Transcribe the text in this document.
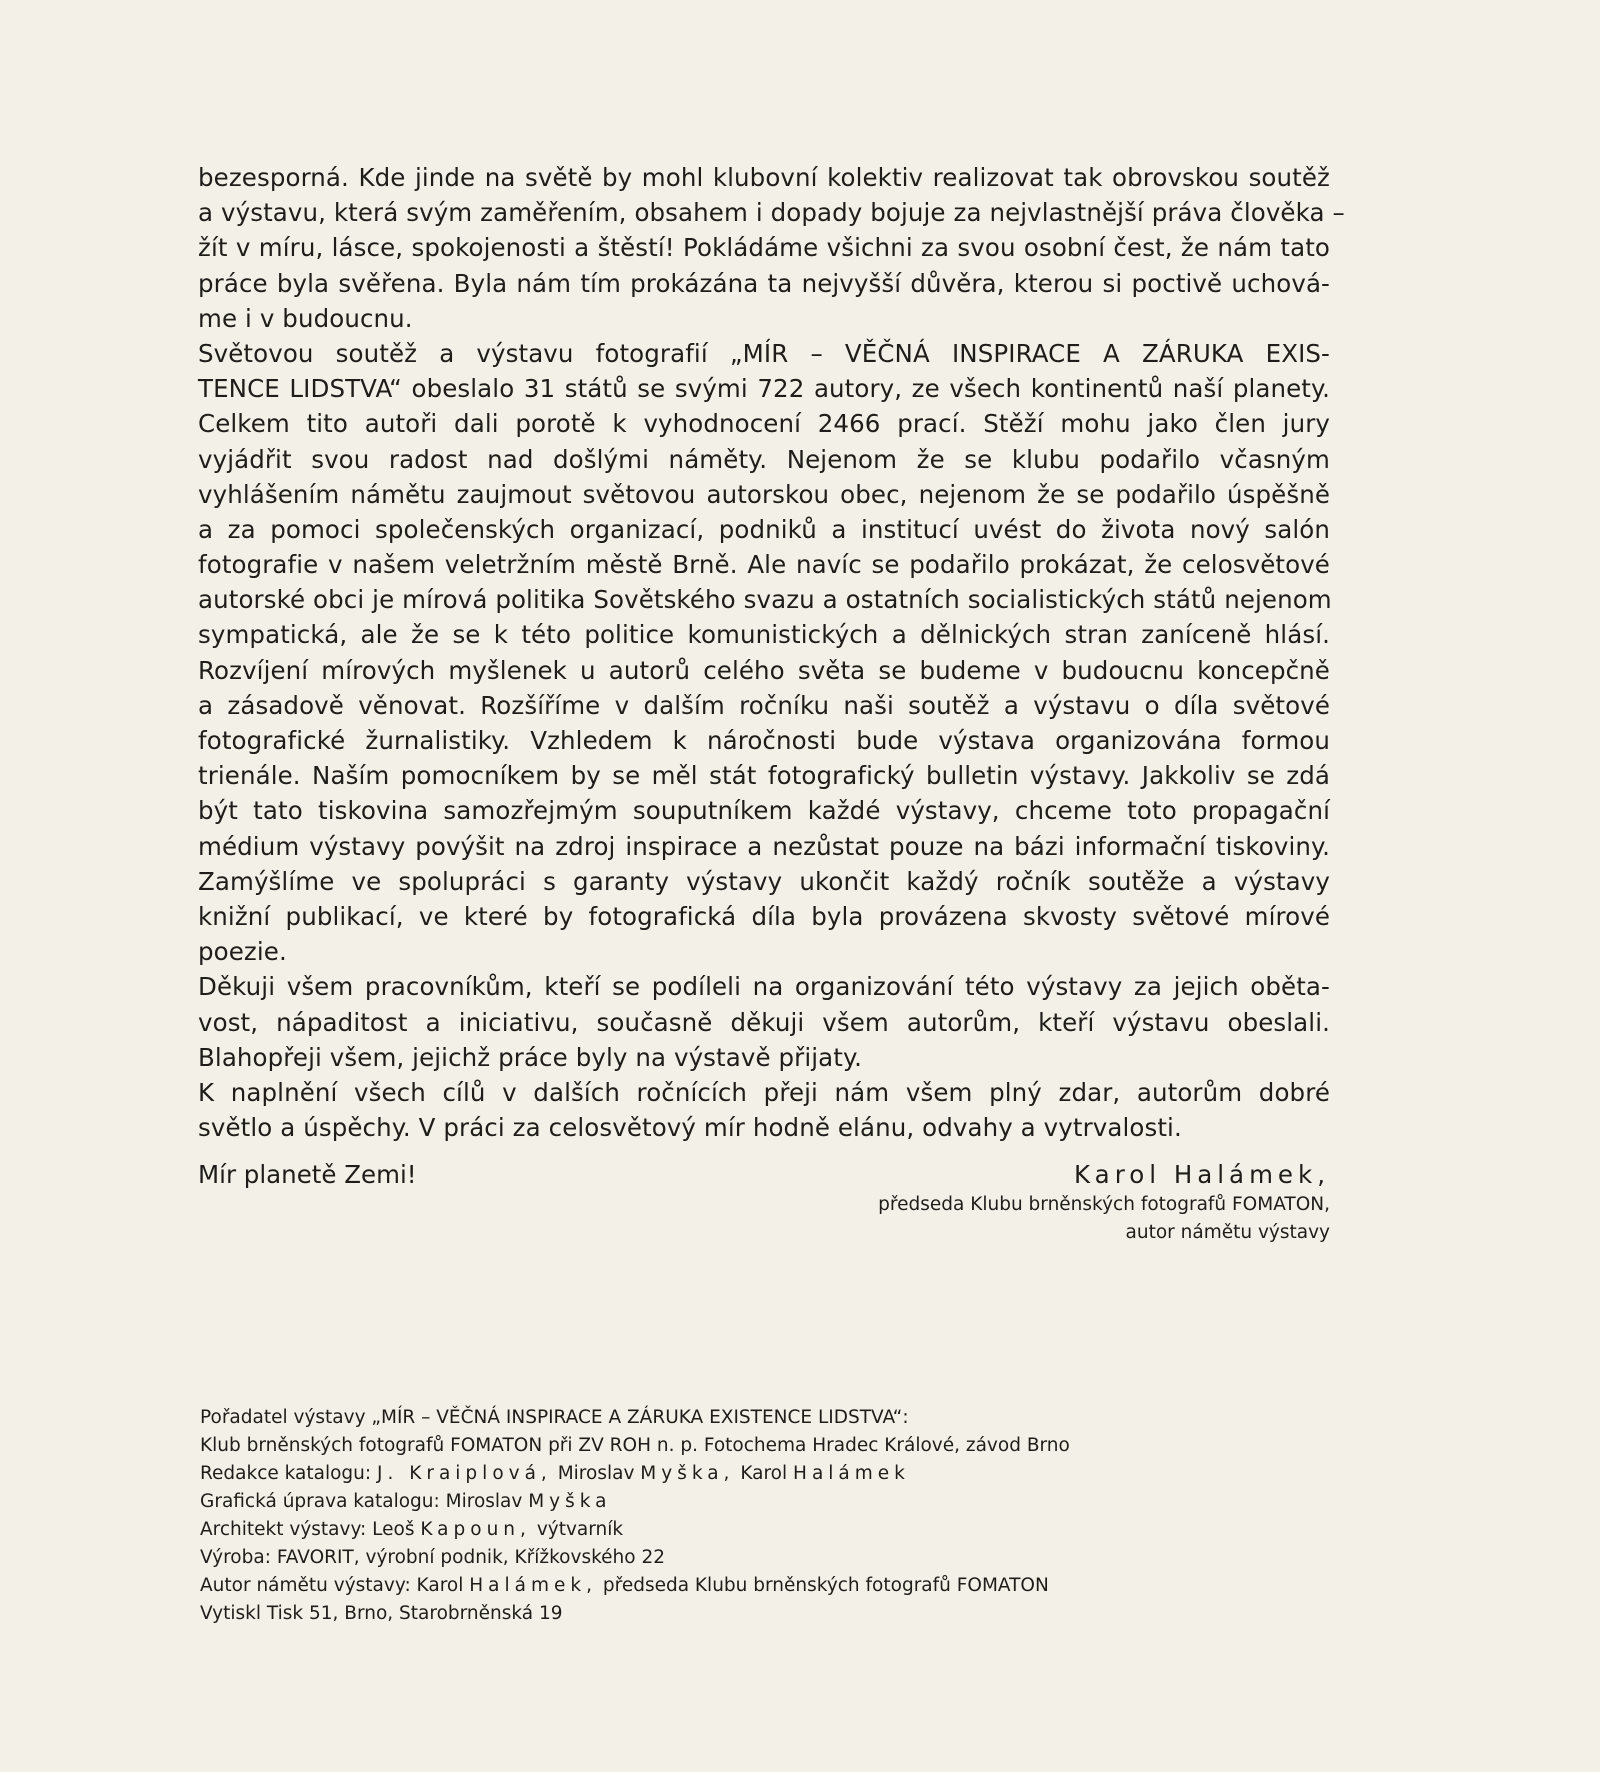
bezesporná. Kde jinde na světě by mohl klubovní kolektiv realizovat tak obrovskou soutěž
a výstavu, která svým zaměřením, obsahem i dopady bojuje za nejvlastnější práva člověka –
žít v míru, lásce, spokojenosti a štěstí! Pokládáme všichni za svou osobní čest, že nám tato
práce byla svěřena. Byla nám tím prokázána ta nejvyšší důvěra, kterou si poctivě uchová-
me i v budoucnu.
Světovou soutěž a výstavu fotografií „MÍR – VĚČNÁ INSPIRACE A ZÁRUKA EXIS-
TENCE LIDSTVA“ obeslalo 31 států se svými 722 autory, ze všech kontinentů naší planety.
Celkem tito autoři dali porotě k vyhodnocení 2466 prací. Stěží mohu jako člen jury
vyjádřit svou radost nad došlými náměty. Nejenom že se klubu podařilo včasným
vyhlášením námětu zaujmout světovou autorskou obec, nejenom že se podařilo úspěšně
a za pomoci společenských organizací, podniků a institucí uvést do života nový salón
fotografie v našem veletržním městě Brně. Ale navíc se podařilo prokázat, že celosvětové
autorské obci je mírová politika Sovětského svazu a ostatních socialistických států nejenom
sympatická, ale že se k této politice komunistických a dělnických stran zaníceně hlásí.
Rozvíjení mírových myšlenek u autorů celého světa se budeme v budoucnu koncepčně
a zásadově věnovat. Rozšíříme v dalším ročníku naši soutěž a výstavu o díla světové
fotografické žurnalistiky. Vzhledem k náročnosti bude výstava organizována formou
trienále. Naším pomocníkem by se měl stát fotografický bulletin výstavy. Jakkoliv se zdá
být tato tiskovina samozřejmým souputníkem každé výstavy, chceme toto propagační
médium výstavy povýšit na zdroj inspirace a nezůstat pouze na bázi informační tiskoviny.
Zamýšlíme ve spolupráci s garanty výstavy ukončit každý ročník soutěže a výstavy
knižní publikací, ve které by fotografická díla byla provázena skvosty světové mírové
poezie.
Děkuji všem pracovníkům, kteří se podíleli na organizování této výstavy za jejich oběta-
vost, nápaditost a iniciativu, současně děkuji všem autorům, kteří výstavu obeslali.
Blahopřeji všem, jejichž práce byly na výstavě přijaty.
K naplnění všech cílů v dalších ročnících přeji nám všem plný zdar, autorům dobré
světlo a úspěchy. V práci za celosvětový mír hodně elánu, odvahy a vytrvalosti.
Mír planetě Zemi!	Karol Halámek,
předseda Klubu brněnských fotografů FOMATON,
autor námětu výstavy
Pořadatel výstavy „MÍR – VĚČNÁ INSPIRACE A ZÁRUKA EXISTENCE LIDSTVA“:
Klub brněnských fotografů FOMATON při ZV ROH n. p. Fotochema Hradec Králové, závod Brno
Redakce katalogu: J. Kraiplová, Miroslav Myška, Karol Halámek
Grafická úprava katalogu: Miroslav Myška
Architekt výstavy: Leoš Kapoun, výtvarník
Výroba: FAVORIT, výrobní podnik, Křížkovského 22
Autor námětu výstavy: Karol Halámek, předseda Klubu brněnských fotografů FOMATON
Vytiskl Tisk 51, Brno, Starobrněnská 19
